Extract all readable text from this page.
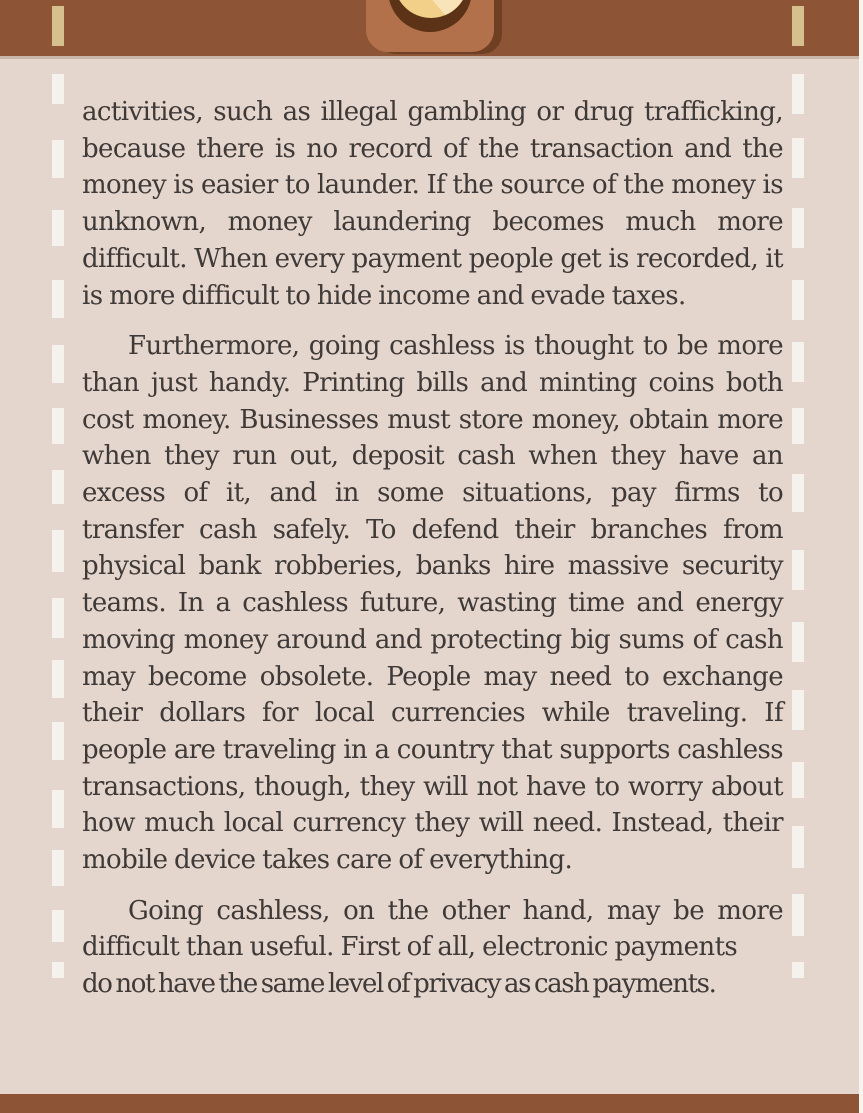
activities, such as illegal gambling or drug trafficking, because there is no record of the transaction and the money is easier to launder. If the source of the money is unknown, money laundering becomes much more difficult. When every payment people get is recorded, it is more difficult to hide income and evade taxes.

Furthermore, going cashless is thought to be more than just handy. Printing bills and minting coins both cost money. Businesses must store money, obtain more when they run out, deposit cash when they have an excess of it, and in some situations, pay firms to transfer cash safely. To defend their branches from physical bank robberies, banks hire massive security teams. In a cashless future, wasting time and energy moving money around and protecting big sums of cash may become obsolete. People may need to exchange their dollars for local currencies while traveling. If people are traveling in a country that supports cashless transactions, though, they will not have to worry about how much local currency they will need. Instead, their mobile device takes care of everything.

Going cashless, on the other hand, may be more difficult than useful. First of all, electronic payments

do not have the same level of privacy as cash payments.
